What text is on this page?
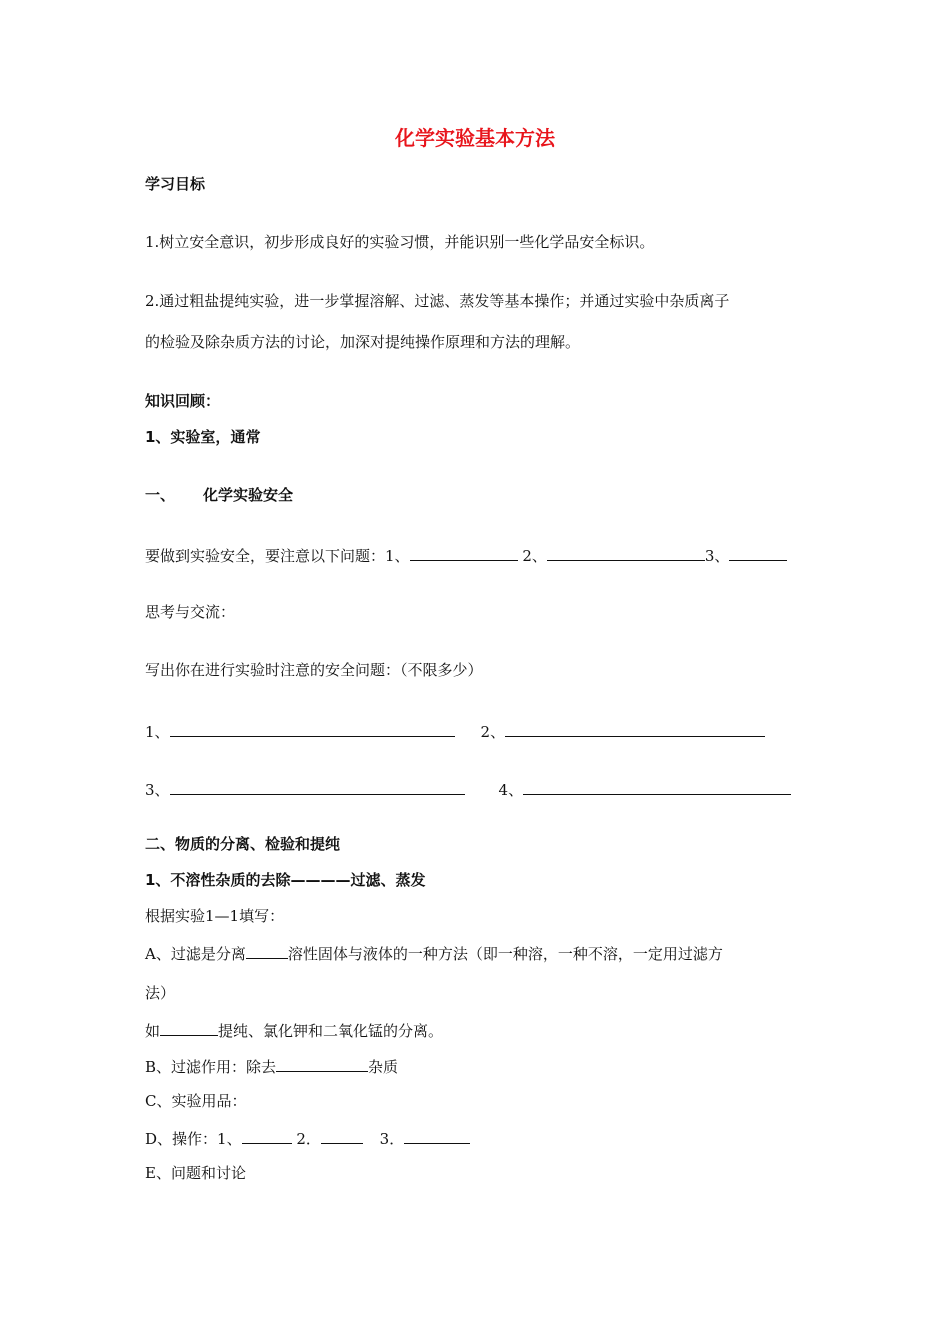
化学实验基本方法
学习目标
1.树立安全意识，初步形成良好的实验习惯，并能识别一些化学品安全标识。
2.通过粗盐提纯实验，进一步掌握溶解、过滤、蒸发等基本操作；并通过实验中杂质离子
的检验及除杂质方法的讨论，加深对提纯操作原理和方法的理解。
知识回顾：
1、实验室，通常
一、 化学实验安全
要做到实验安全，要注意以下问题：1、	2、	3、
思考与交流：
写出你在进行实验时注意的安全问题：（不限多少）
1、	2、
3、	4、
二、物质的分离、检验和提纯
1、不溶性杂质的去除————过滤、蒸发
根据实验1—1填写：
A、过滤是分离	溶性固体与液体的一种方法（即一种溶，一种不溶，一定用过滤方
法）
如	提纯、氯化钾和二氧化锰的分离。
B、过滤作用：除去	杂质
C、实验用品：
D、操作：1、	2．	3．
E、问题和讨论
